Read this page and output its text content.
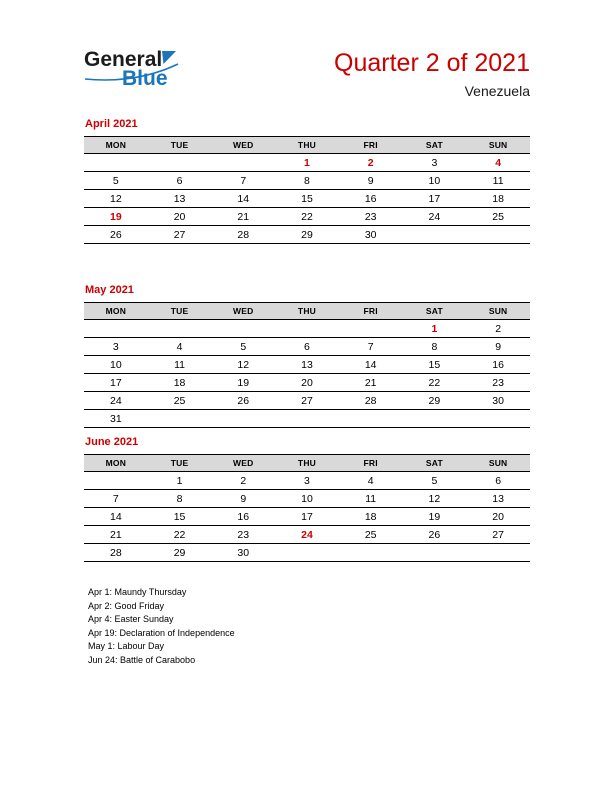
General
Blue
Quarter 2 of 2021
Venezuela
April 2021
MON	TUE	WED	THU	FRI	SAT	SUN
			1	2	3	4
5	6	7	8	9	10	11
12	13	14	15	16	17	18
19	20	21	22	23	24	25
26	27	28	29	30		
May 2021
MON	TUE	WED	THU	FRI	SAT	SUN
					1	2
3	4	5	6	7	8	9
10	11	12	13	14	15	16
17	18	19	20	21	22	23
24	25	26	27	28	29	30
31						
June 2021
MON	TUE	WED	THU	FRI	SAT	SUN
	1	2	3	4	5	6
7	8	9	10	11	12	13
14	15	16	17	18	19	20
21	22	23	24	25	26	27
28	29	30				
Apr 1: Maundy Thursday
Apr 2: Good Friday
Apr 4: Easter Sunday
Apr 19: Declaration of Independence
May 1: Labour Day
Jun 24: Battle of Carabobo
